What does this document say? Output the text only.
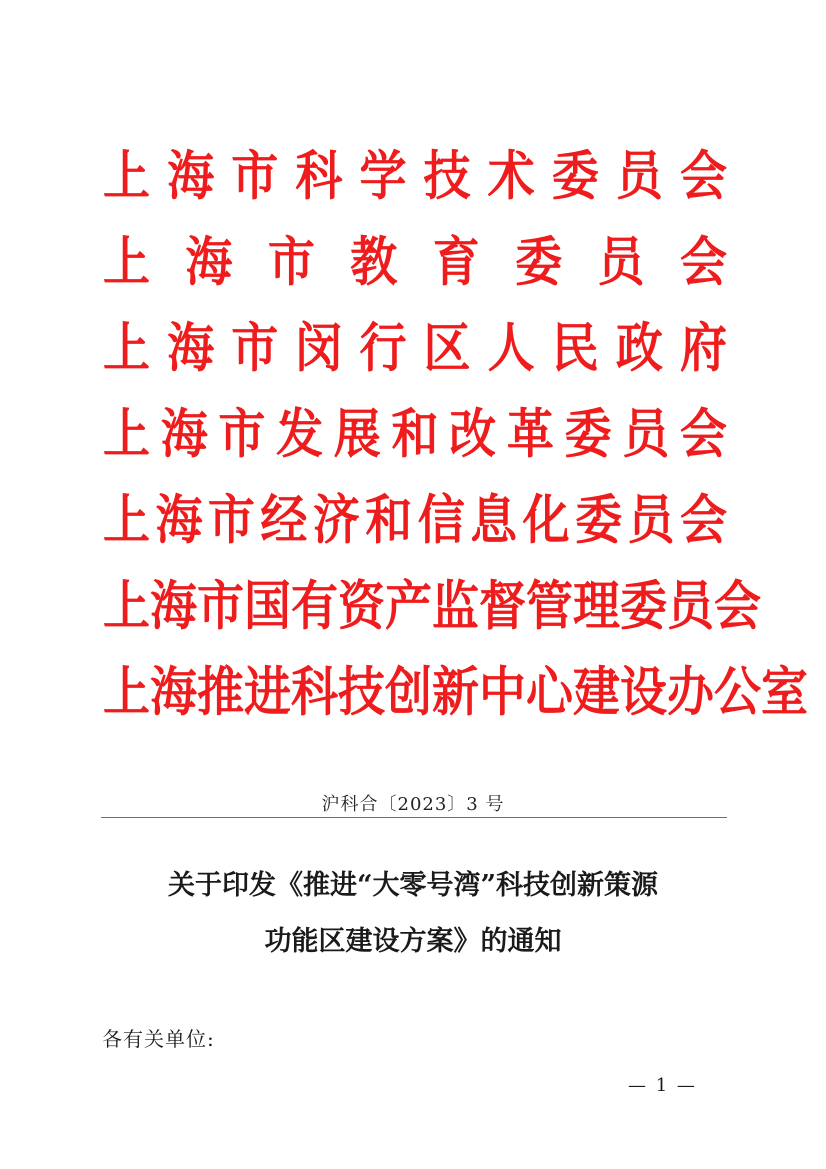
上 海 市 科 学 技 术 委 员 会
上 海 市 教 育 委 员 会
上 海 市 闵 行 区 人 民 政 府
上 海 市 发 展 和 改 革 委 员 会
上 海 市 经 济 和 信 息 化 委 员 会
上 海 市 国 有 资 产 监 督 管 理 委 员 会
上 海 推 进 科 技 创 新 中 心 建 设 办 公 室
沪科合〔2023〕3 号
关于印发《推进“大零号湾”科技创新策源
功能区建设方案》的通知
各有关单位:
— 1 —
